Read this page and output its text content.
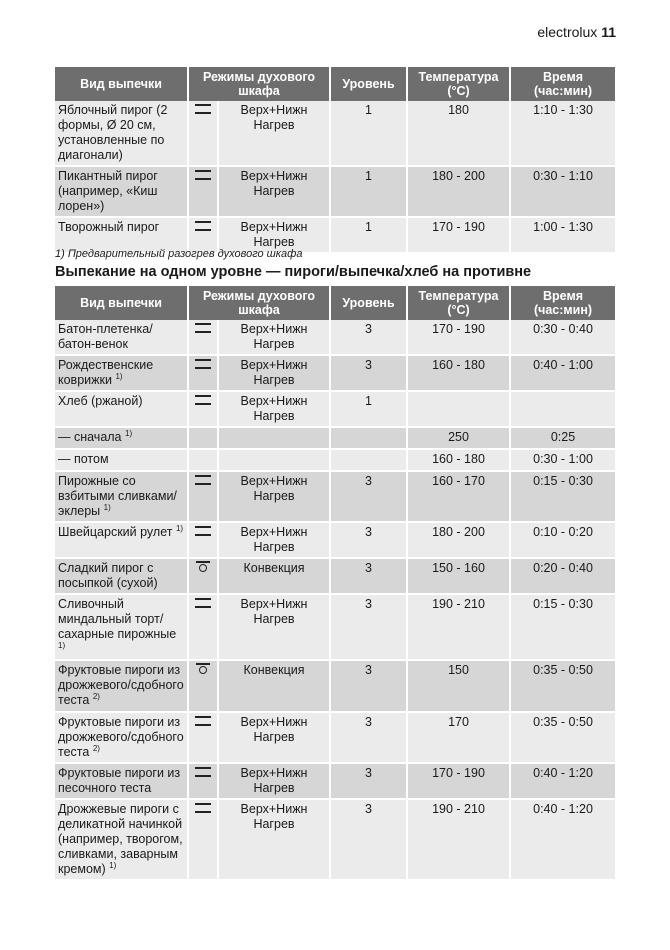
electrolux 11
Вид выпечки	Режимы духового шкафа		Уровень	Температура (°C)	Время (час:мин)
Яблочный пирог (2 формы, Ø 20 см, установленные по диагонали)		Верх+Нижн Нагрев	1	180	1:10 - 1:30
Пикантный пирог (например, «Киш лорен»)		Верх+Нижн Нагрев	1	180 - 200	0:30 - 1:10
Творожный пирог		Верх+Нижн Нагрев	1	170 - 190	1:00 - 1:30
1) Предварительный разогрев духового шкафа
Выпекание на одном уровне — пироги/выпечка/хлеб на противне
Вид выпечки	Режимы духового шкафа		Уровень	Температура (°C)	Время (час:мин)
Батон-плетенка/батон-венок		Верх+Нижн Нагрев	3	170 - 190	0:30 - 0:40
Рождественские коврижки $^{1)}$		Верх+Нижн Нагрев	3	160 - 180	0:40 - 1:00
Хлеб (ржаной)		Верх+Нижн Нагрев	1		
— сначала $^{1)}$				250	0:25
— потом				160 - 180	0:30 - 1:00
Пирожные со взбитыми сливками/эклеры $^{1)}$		Верх+Нижн Нагрев	3	160 - 170	0:15 - 0:30
Швейцарский рулет $^{1)}$		Верх+Нижн Нагрев	3	180 - 200	0:10 - 0:20
Сладкий пирог с посыпкой (сухой)		Конвекция	3	150 - 160	0:20 - 0:40
Сливочный миндальный торт/сахарные пирожные $^{1)}$		Верх+Нижн Нагрев	3	190 - 210	0:15 - 0:30
Фруктовые пироги из дрожжевого/сдобного теста $^{2)}$		Конвекция	3	150	0:35 - 0:50
Фруктовые пироги из дрожжевого/сдобного теста $^{2)}$		Верх+Нижн Нагрев	3	170	0:35 - 0:50
Фруктовые пироги из песочного теста		Верх+Нижн Нагрев	3	170 - 190	0:40 - 1:20
Дрожжевые пироги с деликатной начинкой (например, творогом, сливками, заварным кремом) $^{1)}$		Верх+Нижн Нагрев	3	190 - 210	0:40 - 1:20
